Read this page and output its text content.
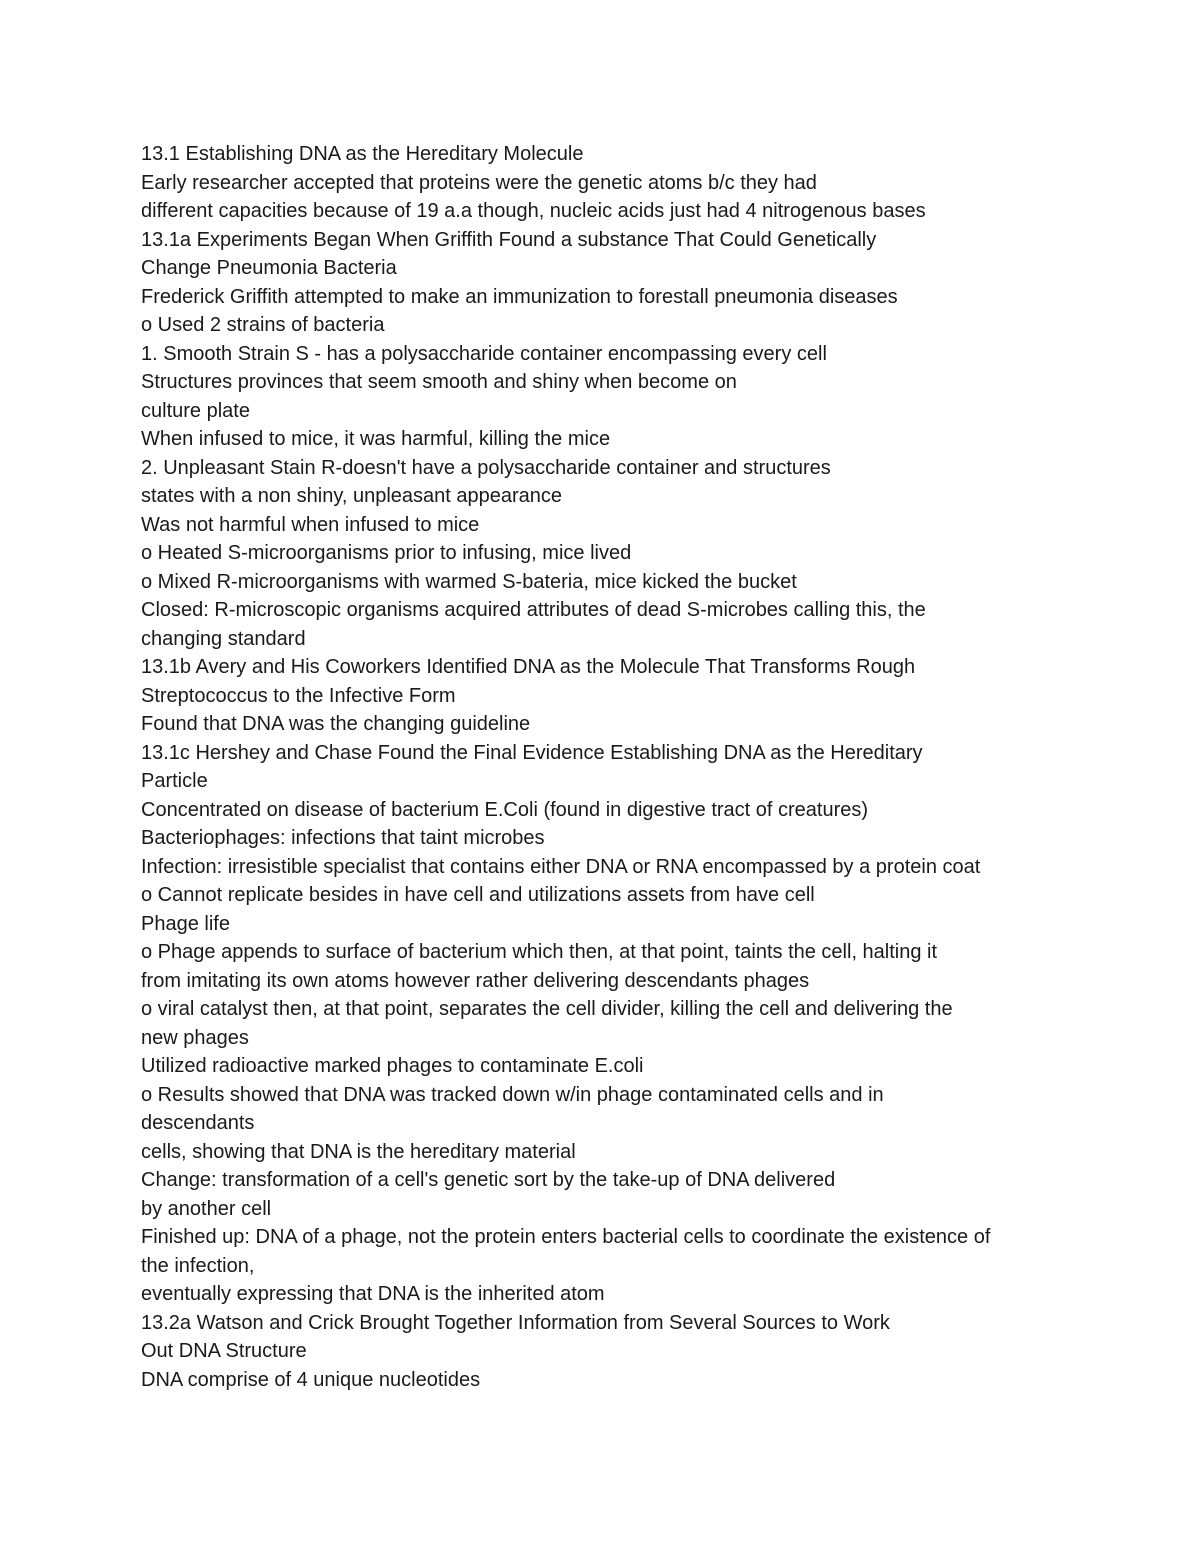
13.1 Establishing DNA as the Hereditary Molecule
Early researcher accepted that proteins were the genetic atoms b/c they had
different capacities because of 19 a.a though, nucleic acids just had 4 nitrogenous bases
13.1a Experiments Began When Griffith Found a substance That Could Genetically
Change Pneumonia Bacteria
Frederick Griffith attempted to make an immunization to forestall pneumonia diseases
o Used 2 strains of bacteria
1. Smooth Strain S - has a polysaccharide container encompassing every cell
Structures provinces that seem smooth and shiny when become on
culture plate
When infused to mice, it was harmful, killing the mice
2. Unpleasant Stain R-doesn't have a polysaccharide container and structures
states with a non shiny, unpleasant appearance
Was not harmful when infused to mice
o Heated S-microorganisms prior to infusing, mice lived
o Mixed R-microorganisms with warmed S-bateria, mice kicked the bucket
Closed: R-microscopic organisms acquired attributes of dead S-microbes calling this, the
changing standard
13.1b Avery and His Coworkers Identified DNA as the Molecule That Transforms Rough
Streptococcus to the Infective Form
Found that DNA was the changing guideline
13.1c Hershey and Chase Found the Final Evidence Establishing DNA as the Hereditary
Particle
Concentrated on disease of bacterium E.Coli (found in digestive tract of creatures)
Bacteriophages: infections that taint microbes
Infection: irresistible specialist that contains either DNA or RNA encompassed by a protein coat
o Cannot replicate besides in have cell and utilizations assets from have cell
Phage life
o Phage appends to surface of bacterium which then, at that point, taints the cell, halting it
from imitating its own atoms however rather delivering descendants phages
o viral catalyst then, at that point, separates the cell divider, killing the cell and delivering the
new phages
Utilized radioactive marked phages to contaminate E.coli
o Results showed that DNA was tracked down w/in phage contaminated cells and in
descendants
cells, showing that DNA is the hereditary material
Change: transformation of a cell's genetic sort by the take-up of DNA delivered
by another cell
Finished up: DNA of a phage, not the protein enters bacterial cells to coordinate the existence of
the infection,
eventually expressing that DNA is the inherited atom
13.2a Watson and Crick Brought Together Information from Several Sources to Work
Out DNA Structure
DNA comprise of 4 unique nucleotides
